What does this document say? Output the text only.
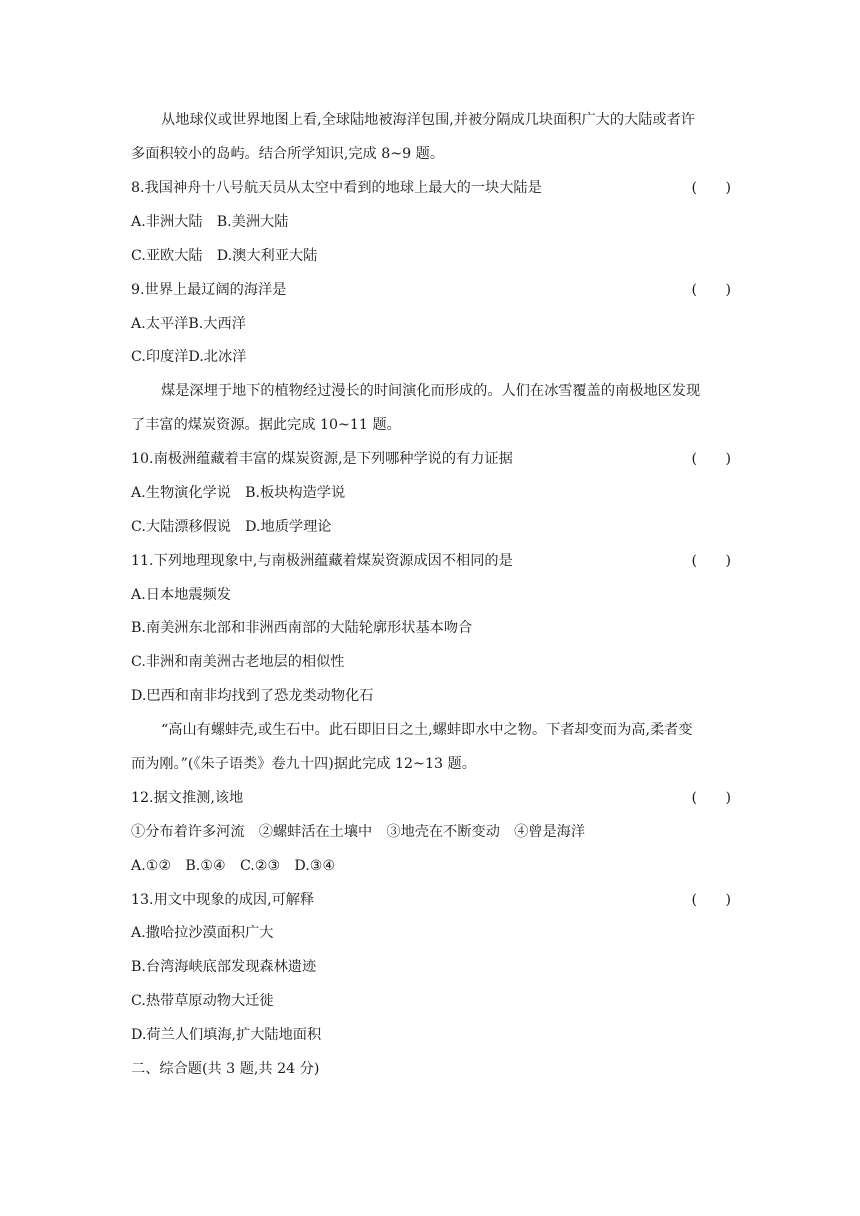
从地球仪或世界地图上看,全球陆地被海洋包围,并被分隔成几块面积广大的大陆或者许
多面积较小的岛屿。结合所学知识,完成 8~9 题。
8.我国神舟十八号航天员从太空中看到的地球上最大的一块大陆是	(　　)
A.非洲大陆　B.美洲大陆
C.亚欧大陆　D.澳大利亚大陆
9.世界上最辽阔的海洋是	(　　)
A.太平洋B.大西洋
C.印度洋D.北冰洋
煤是深埋于地下的植物经过漫长的时间演化而形成的。人们在冰雪覆盖的南极地区发现
了丰富的煤炭资源。据此完成 10~11 题。
10.南极洲蕴藏着丰富的煤炭资源,是下列哪种学说的有力证据	(　　)
A.生物演化学说　B.板块构造学说
C.大陆漂移假说　D.地质学理论
11.下列地理现象中,与南极洲蕴藏着煤炭资源成因不相同的是	(　　)
A.日本地震频发
B.南美洲东北部和非洲西南部的大陆轮廓形状基本吻合
C.非洲和南美洲古老地层的相似性
D.巴西和南非均找到了恐龙类动物化石
“高山有螺蚌壳,或生石中。此石即旧日之土,螺蚌即水中之物。下者却变而为高,柔者变
而为刚。”(《朱子语类》卷九十四)据此完成 12~13 题。
12.据文推测,该地	(　　)
①分布着许多河流　②螺蚌活在土壤中　③地壳在不断变动　④曾是海洋
A.①②　B.①④　C.②③　D.③④
13.用文中现象的成因,可解释	(　　)
A.撒哈拉沙漠面积广大
B.台湾海峡底部发现森林遗迹
C.热带草原动物大迁徙
D.荷兰人们填海,扩大陆地面积
二、综合题(共 3 题,共 24 分)
